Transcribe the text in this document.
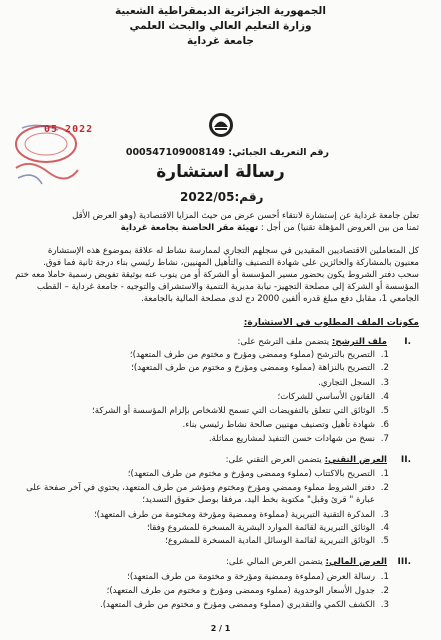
الجمهورية الجزائرية الديمقراطية الشعبية
وزارة التعليم العالي والبحث العلمي
جامعة غرداية
05 2022
رقم التعريف الجبائي: 000547109008149
رسالة استشارة
رقم:2022/05
تعلن جامعة غرداية عن إستشارة لانتقاء أحسن عرض من حيث المزايا الاقتصادية (وهو العرض الأقل
ثمنا من بين العروض المؤهلة تقنيا) من أجل : تهيئة مقر الحاضنة بجامعة غرداية
كل المتعاملين الاقتصاديين المقيدين في سجلهم التجاري لممارسة نشاط له علاقة بموضوع هذه الإستشارة
معنيون بالمشاركة والحائزين على شهادة التصنيف والتأهيل المهنيين، نشاط رئيسي بناء درجة ثانية فما فوق.
سحب دفتر الشروط يكون بحضور مسير المؤسسة أو الشركة أو من ينوب عنه بوثيقة تفويض رسمية حاملا معه ختم
المؤسسة أو الشركة إلى مصلحة التجهيز- نيابة مديرية التنمية والاستشراف والتوجيه - جامعة غرداية – القطب
الجامعي 1، مقابل دفع مبلغ قدره ألفين 2000 دج لدى مصلحة المالية بالجامعة.
مكونات الملف المطلوب في الاستشارة:
.I
ملف الترشح: يتضمن ملف الترشح على:
1.التصريح بالترشح (مملوء وممضى ومؤرخ و مختوم من طرف المتعهد)؛
2.التصريح بالنزاهة (مملوء وممضى ومؤرخ و مختوم من طرف المتعهد)؛
3.السجل التجاري.
4.القانون الأساسي للشركات؛
5.الوثائق التي تتعلق بالتفويضات التي تسمح للاشخاص بإلزام المؤسسة أو الشركة؛
6.شهادة تأهيل وتصنيف مهنيين صالحة نشاط رئيسي بناء.
7.نسخ من شهادات حسن التنفيذ لمشاريع مماثلة.
.II
العرض التقني: يتضمن العرض التقني على:
1.التصريح بالاكتتاب (مملوء وممضى ومؤرخ و مختوم من طرف المتعهد)؛
2.دفتر الشروط مملوء وممضي ومؤرخ ومختوم ومؤشر من طرف المتعهد، يحتوي في آخر صفحة على
عبارة " قرئ وقبل" مكتوبة بخط اليد، مرفقا بوصل حقوق التسديد؛
3.المذكرة التقنية التبريرية (مملوءة وممضية ومؤرخة ومختومة من طرف المتعهد)؛
4.الوثائق التبريرية لقائمة الموارد البشرية المسخرة للمشروع وفقا؛
5.الوثائق التبريرية لقائمة الوسائل المادية المسخرة للمشروع؛
.III
العرض المالي: يتضمن العرض المالي على:
1.رسالة العرض (مملوءة وممضية ومؤرخة و مختومة من طرف المتعهد)؛
2.جدول الأسعار الوحدوية (مملوء وممضى ومؤرخ و مختوم من طرف المتعهد)؛
3.الكشف الكمي والتقديري (مملوء وممضى ومؤرخ و مختوم من طرف المتعهد).
2 / 1
